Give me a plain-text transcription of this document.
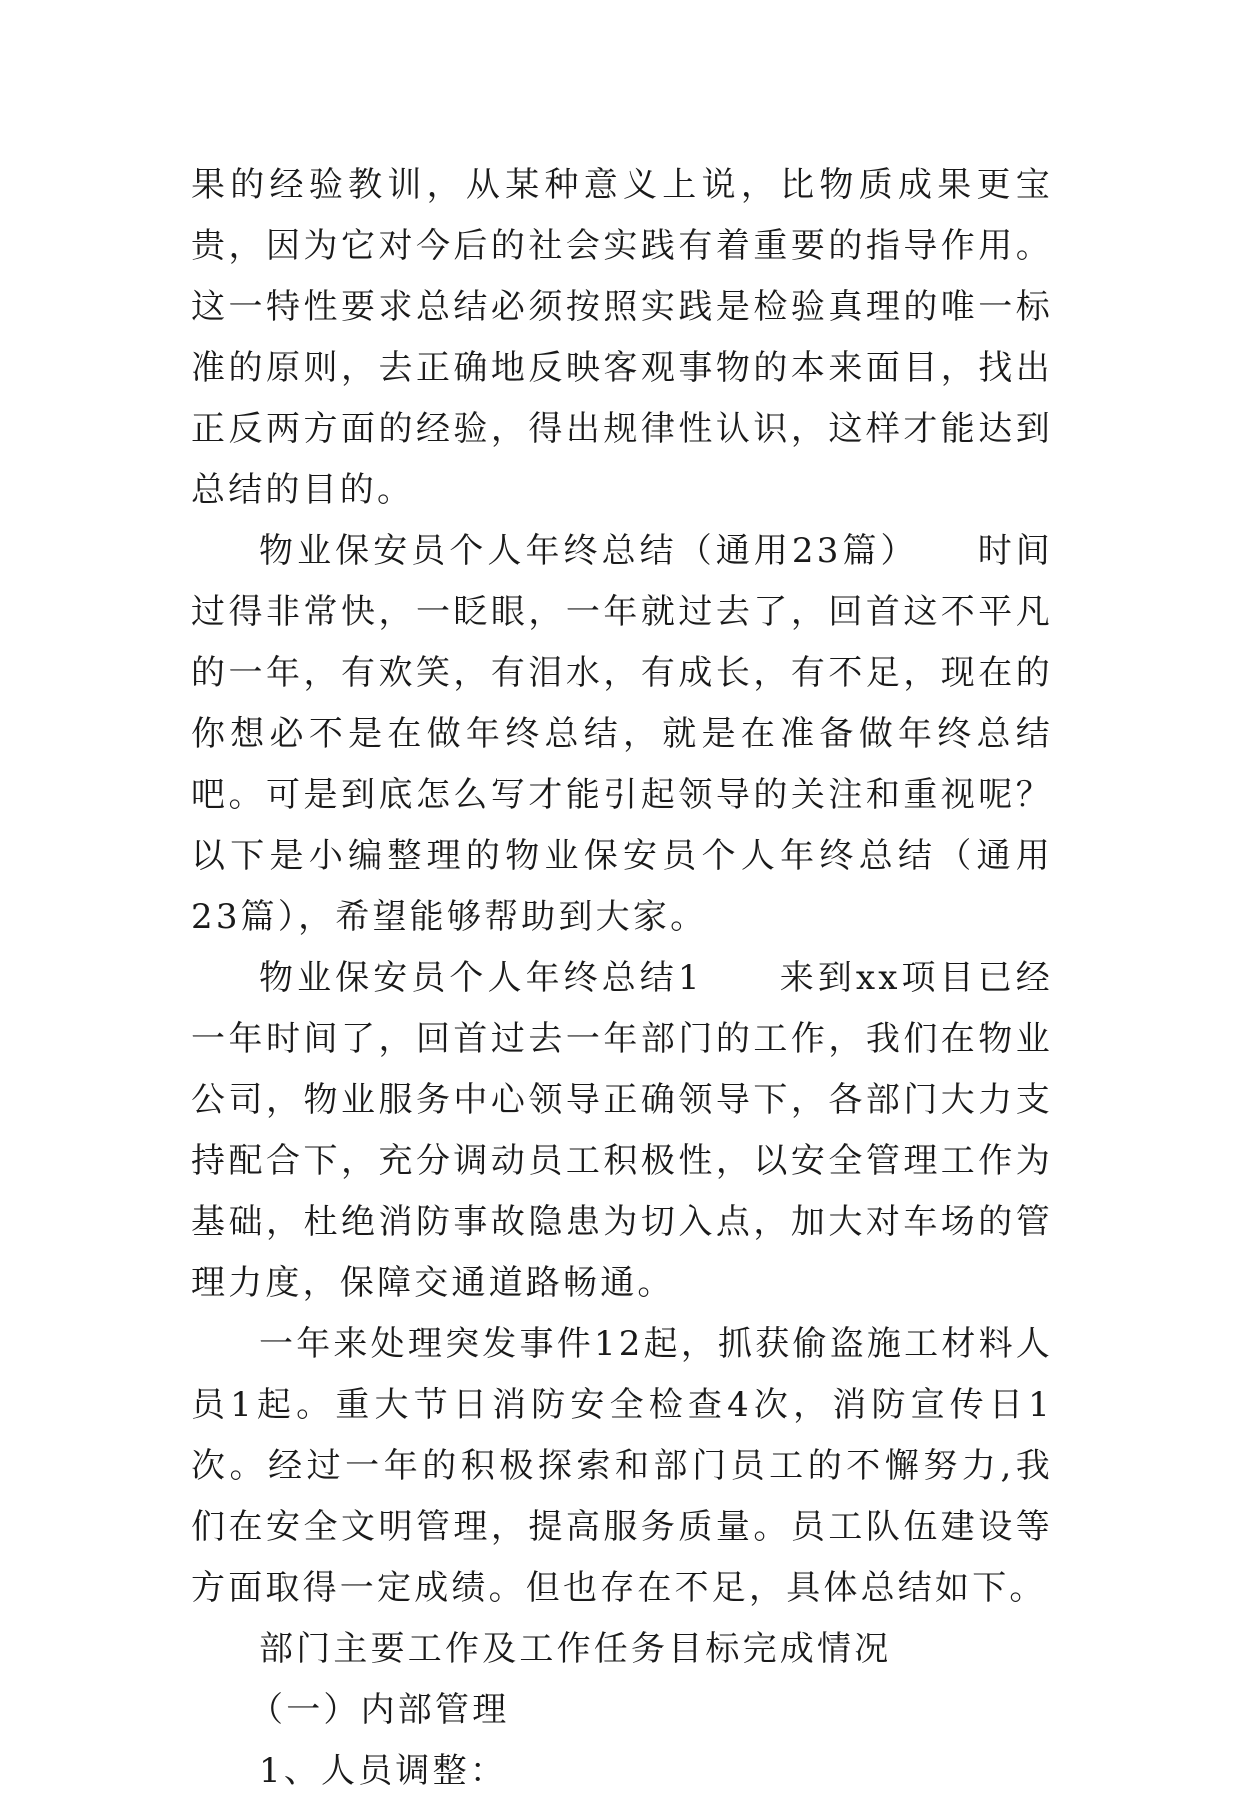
果的经验教训，从某种意义上说，比物质成果更宝贵，因为它对今后的社会实践有着重要的指导作用。这一特性要求总结必须按照实践是检验真理的唯一标准的原则，去正确地反映客观事物的本来面目，找出正反两方面的经验，得出规律性认识，这样才能达到总结的目的。

物业保安员个人年终总结（通用23篇）　　时间过得非常快，一眨眼，一年就过去了，回首这不平凡的一年，有欢笑，有泪水，有成长，有不足，现在的你想必不是在做年终总结，就是在准备做年终总结吧。可是到底怎么写才能引起领导的关注和重视呢？以下是小编整理的物业保安员个人年终总结（通用23篇），希望能够帮助到大家。

物业保安员个人年终总结1　　来到xx项目已经一年时间了，回首过去一年部门的工作，我们在物业公司，物业服务中心领导正确领导下，各部门大力支持配合下，充分调动员工积极性，以安全管理工作为基础，杜绝消防事故隐患为切入点，加大对车场的管理力度，保障交通道路畅通。

一年来处理突发事件12起，抓获偷盗施工材料人员1起。重大节日消防安全检查4次，消防宣传日1次。经过一年的积极探索和部门员工的不懈努力,我们在安全文明管理，提高服务质量。员工队伍建设等方面取得一定成绩。但也存在不足，具体总结如下。

部门主要工作及工作任务目标完成情况

（一）内部管理

1、人员调整：
